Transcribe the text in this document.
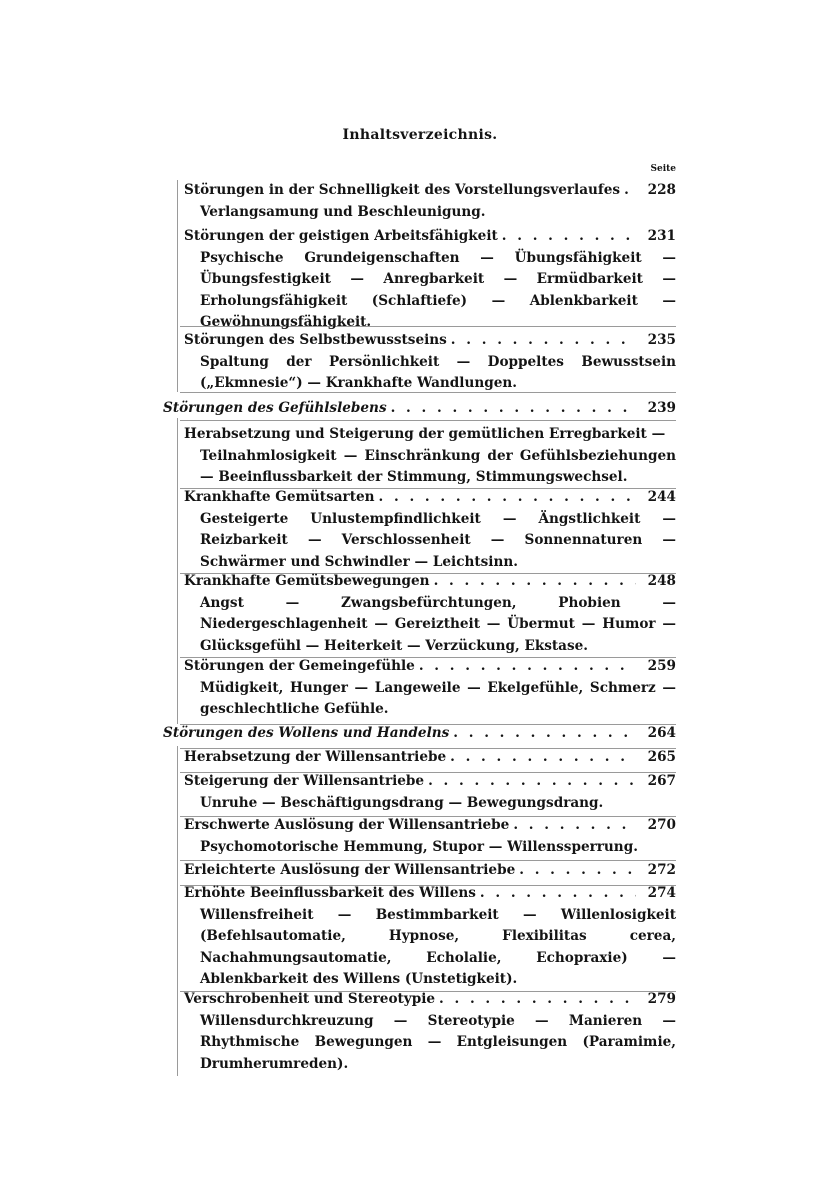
Inhaltsverzeichnis.
Seite
Störungen in der Schnelligkeit des Vorstellungsverlaufes . . .	228
Verlangsamung und Beschleunigung.
Störungen der geistigen Arbeitsfähigkeit . . .	231
Psychische Grundeigenschaften — Übungsfähigkeit — Übungsfestigkeit — Anregbarkeit — Ermüdbarkeit — Erholungsfähigkeit (Schlaftiefe) — Ablenkbarkeit — Gewöhnungsfähigkeit.
Störungen des Selbstbewusstseins . . .	235
Spaltung der Persönlichkeit — Doppeltes Bewusstsein („Ekmnesie“) — Krankhafte Wandlungen.
Störungen des Gefühlslebens . . .	239
Herabsetzung und Steigerung der gemütlichen Erregbarkeit —
Teilnahmlosigkeit — Einschränkung der Gefühlsbeziehungen — Beeinflussbarkeit der Stimmung, Stimmungswechsel.
Krankhafte Gemütsarten . . .	244
Gesteigerte Unlustempfindlichkeit — Ängstlichkeit — Reizbarkeit — Verschlossenheit — Sonnennaturen — Schwärmer und Schwindler — Leichtsinn.
Krankhafte Gemütsbewegungen . . .	248
Angst — Zwangsbefürchtungen, Phobien — Niedergeschlagenheit — Gereiztheit — Übermut — Humor — Glücksgefühl — Heiterkeit — Verzückung, Ekstase.
Störungen der Gemeingefühle . . .	259
Müdigkeit, Hunger — Langeweile — Ekelgefühle, Schmerz — geschlechtliche Gefühle.
Störungen des Wollens und Handelns . . .	264
Herabsetzung der Willensantriebe . . .	265
Steigerung der Willensantriebe . . .	267
Unruhe — Beschäftigungsdrang — Bewegungsdrang.
Erschwerte Auslösung der Willensantriebe . . .	270
Psychomotorische Hemmung, Stupor — Willenssperrung.
Erleichterte Auslösung der Willensantriebe . . .	272
Erhöhte Beeinflussbarkeit des Willens . . .	274
Willensfreiheit — Bestimmbarkeit — Willenlosigkeit (Befehlsautomatie, Hypnose, Flexibilitas cerea, Nachahmungsautomatie, Echolalie, Echopraxie) — Ablenkbarkeit des Willens (Unstetigkeit).
Verschrobenheit und Stereotypie . . .	279
Willensdurchkreuzung — Stereotypie — Manieren — Rhythmische Bewegungen — Entgleisungen (Paramimie, Drumherumreden).
